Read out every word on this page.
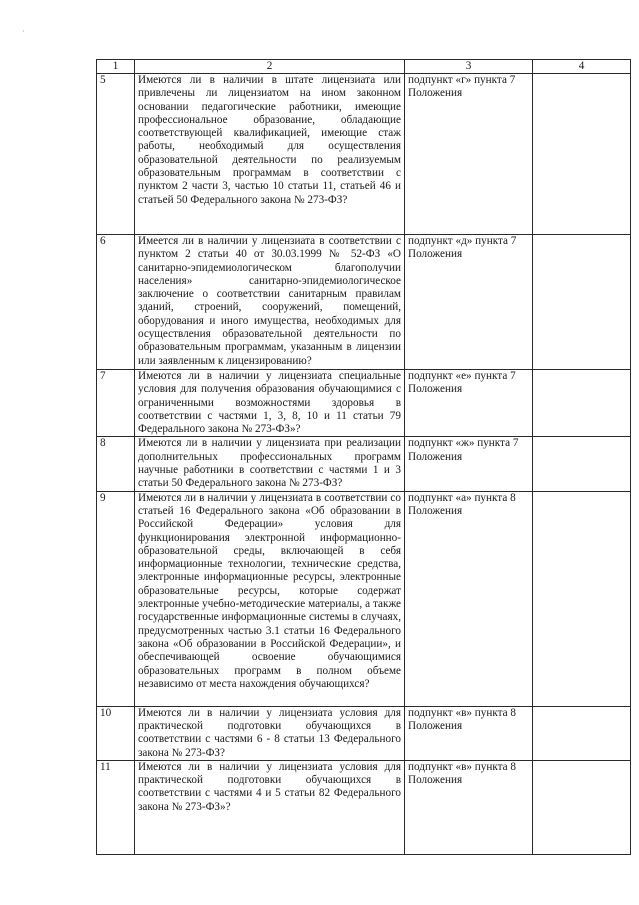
·
1	2	3	4
5	Имеются ли в наличии в штате лицензиата или привлечены ли лицензиатом на ином законном основании педагогические работники, имеющие профессиональное образование, обладающие соответствующей квалификацией, имеющие стаж работы, необходимый для осуществления образовательной деятельности по реализуемым образовательным программам в соответствии с пунктом 2 части 3, частью 10 статьи 11, статьей 46 и статьей 50 Федерального закона № 273-ФЗ?	подпункт «г» пункта 7 Положения	
6	Имеется ли в наличии у лицензиата в соответствии с пунктом 2 статьи 40 от 30.03.1999 № 52-ФЗ «О санитарно-эпидемиологическом благополучии населения» санитарно-эпидемиологическое заключение о соответствии санитарным правилам зданий, строений, сооружений, помещений, оборудования и иного имущества, необходимых для осуществления образовательной деятельности по образовательным программам, указанным в лицензии или заявленным к лицензированию?	подпункт «д» пункта 7 Положения	
7	Имеются ли в наличии у лицензиата специальные условия для получения образования обучающимися с ограниченными возможностями здоровья в соответствии с частями 1, 3, 8, 10 и 11 статьи 79 Федерального закона № 273-ФЗ»?	подпункт «е» пункта 7 Положения	
8	Имеются ли в наличии у лицензиата при реализации дополнительных профессиональных программ научные работники в соответствии с частями 1 и 3 статьи 50 Федерального закона № 273-ФЗ?	подпункт «ж» пункта 7 Положения	
9	Имеются ли в наличии у лицензиата в соответствии со статьей 16 Федерального закона «Об образовании в Российской Федерации» условия для функционирования электронной информационно-образовательной среды, включающей в себя информационные технологии, технические средства, электронные информационные ресурсы, электронные образовательные ресурсы, которые содержат электронные учебно-методические материалы, а также государственные информационные системы в случаях, предусмотренных частью 3.1 статьи 16 Федерального закона «Об образовании в Российской Федерации», и обеспечивающей освоение обучающимися образовательных программ в полном объеме независимо от места нахождения обучающихся?	подпункт «а» пункта 8 Положения	
10	Имеются ли в наличии у лицензиата условия для практической подготовки обучающихся в соответствии с частями 6 - 8 статьи 13 Федерального закона № 273-ФЗ?	подпункт «в» пункта 8 Положения	
11	Имеются ли в наличии у лицензиата условия для практической подготовки обучающихся в соответствии с частями 4 и 5 статьи 82 Федерального закона № 273-ФЗ»?	подпункт «в» пункта 8 Положения	
